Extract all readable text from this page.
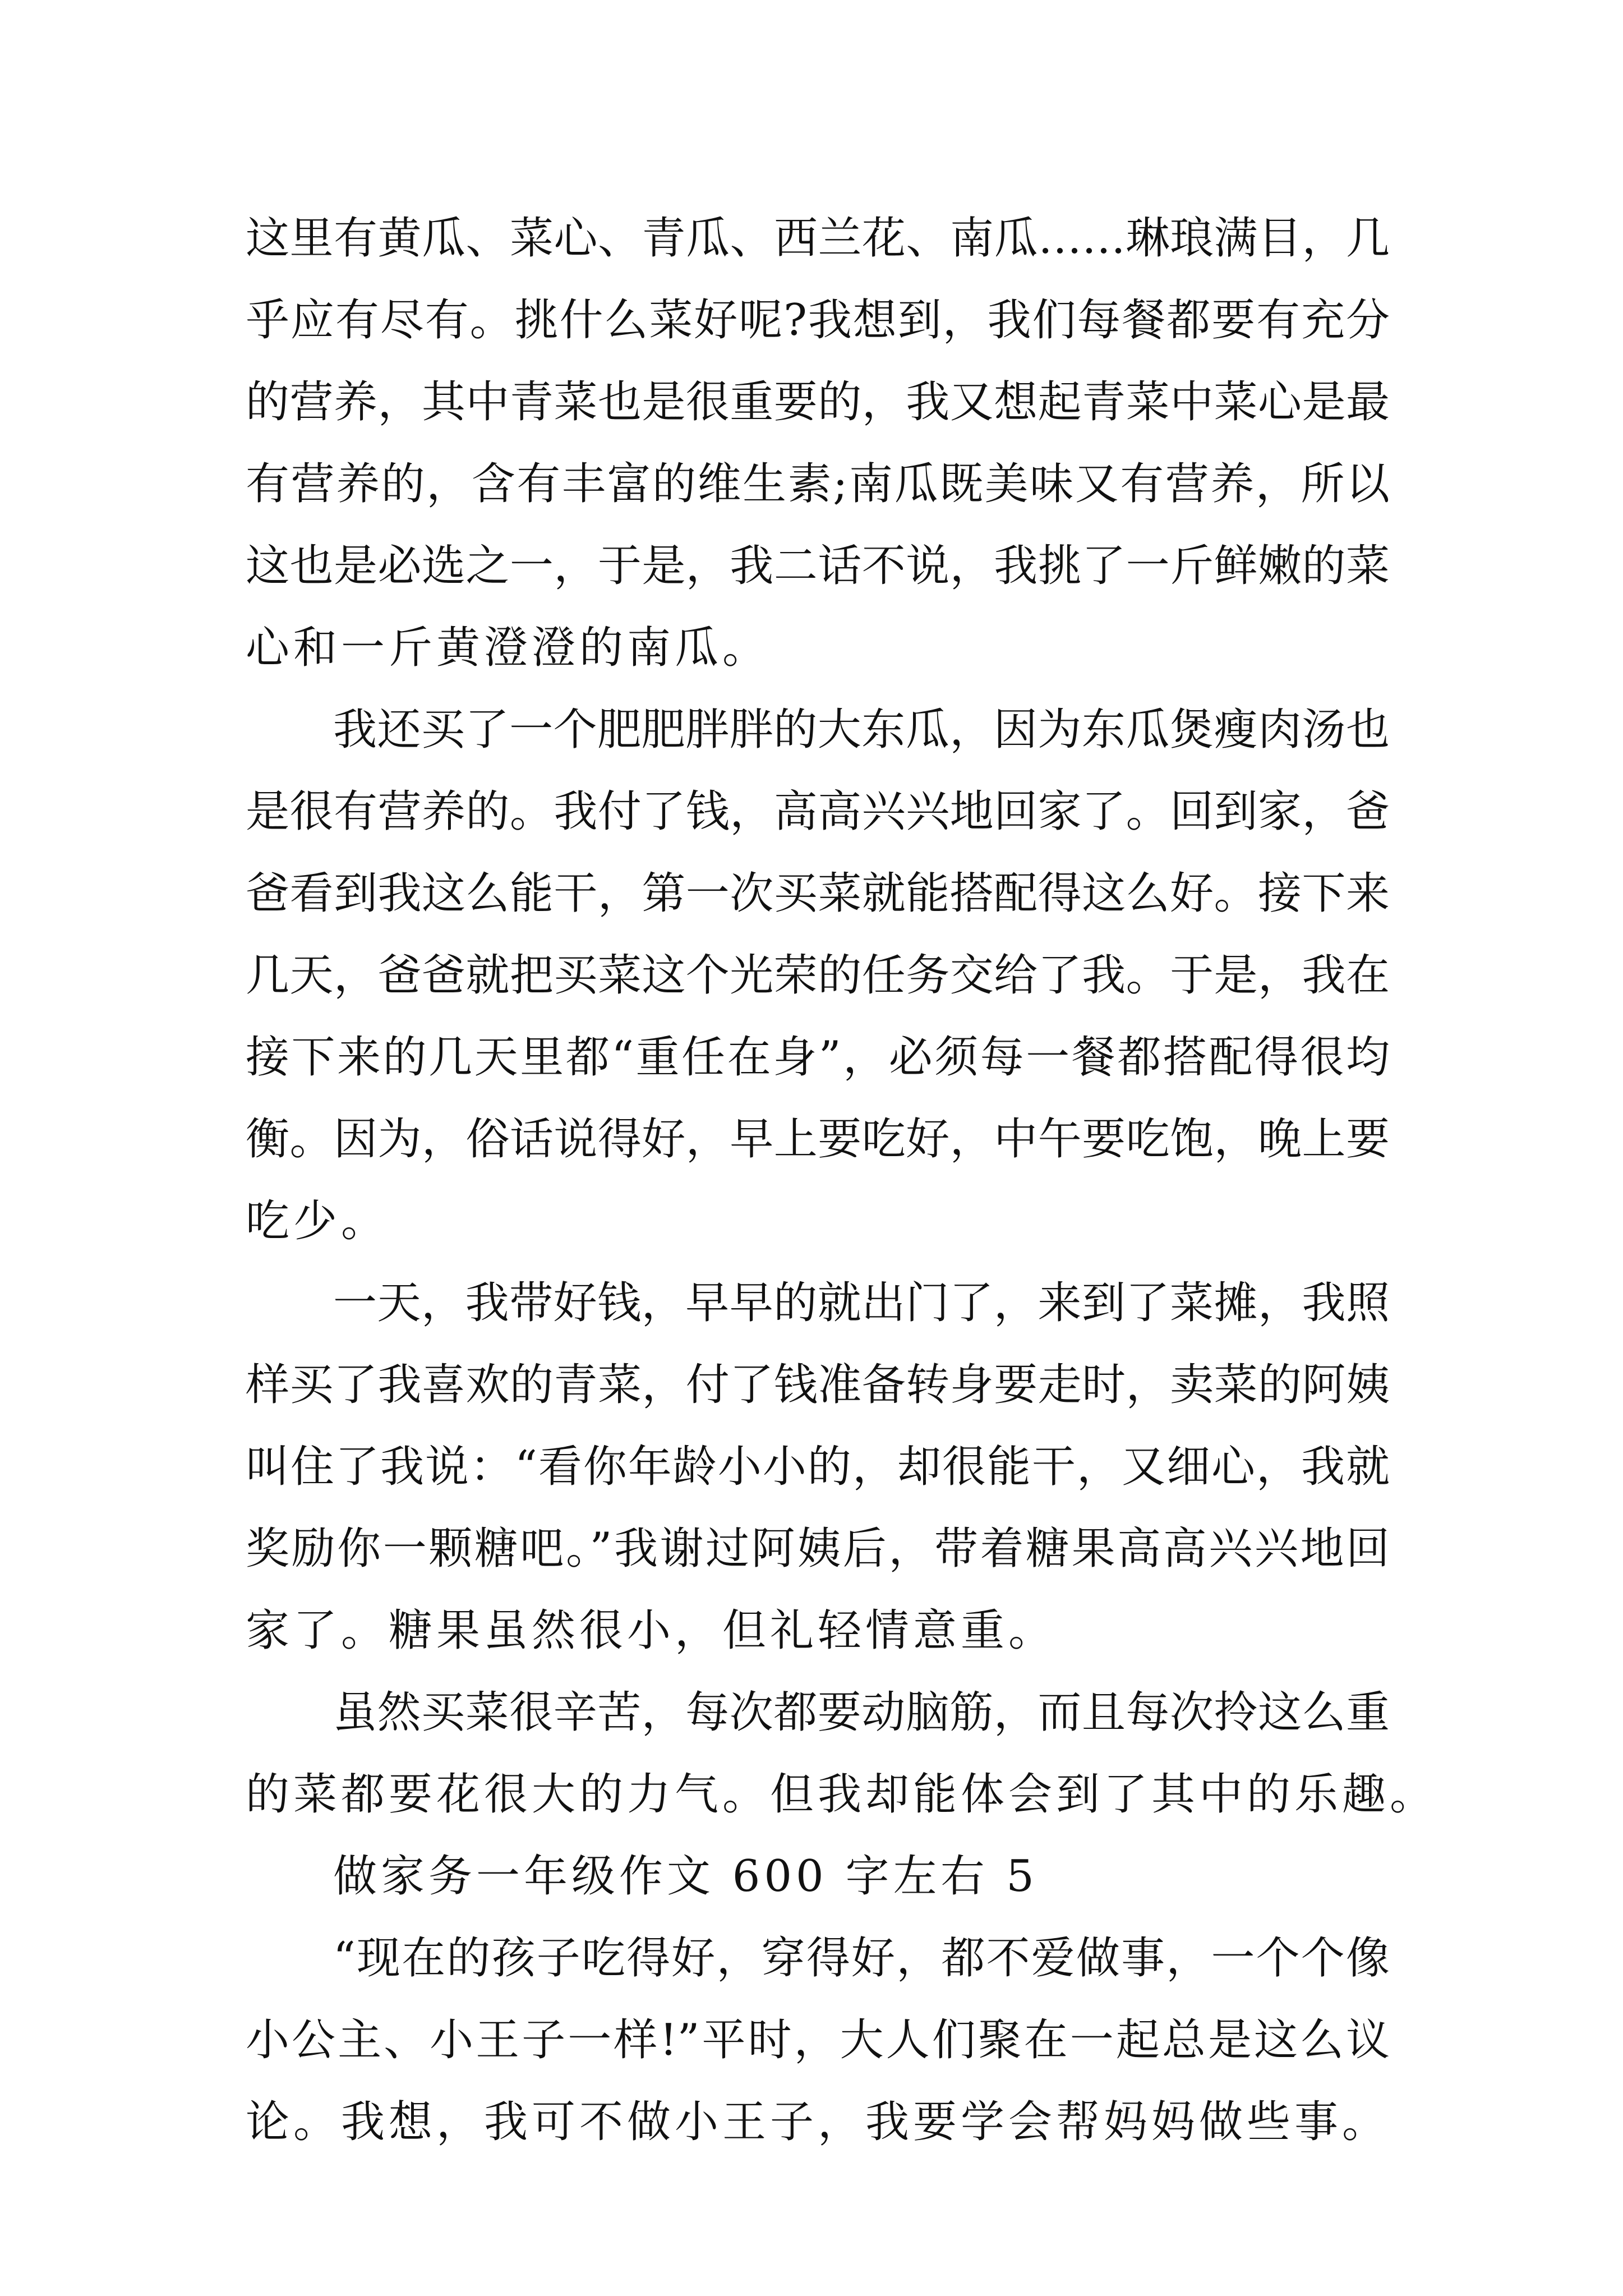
这里有黄瓜、菜心、青瓜、西兰花、南瓜……琳琅满目，几
乎应有尽有。挑什么菜好呢?我想到，我们每餐都要有充分
的营养，其中青菜也是很重要的，我又想起青菜中菜心是最
有营养的，含有丰富的维生素;南瓜既美味又有营养，所以
这也是必选之一，于是，我二话不说，我挑了一斤鲜嫩的菜
心和一斤黄澄澄的南瓜。
我还买了一个肥肥胖胖的大东瓜，因为东瓜煲瘦肉汤也
是很有营养的。我付了钱，高高兴兴地回家了。回到家，爸
爸看到我这么能干，第一次买菜就能搭配得这么好。接下来
几天，爸爸就把买菜这个光荣的任务交给了我。于是，我在
接下来的几天里都“重任在身”，必须每一餐都搭配得很均
衡。因为，俗话说得好，早上要吃好，中午要吃饱，晚上要
吃少。
一天，我带好钱，早早的就出门了，来到了菜摊，我照
样买了我喜欢的青菜，付了钱准备转身要走时，卖菜的阿姨
叫住了我说：“看你年龄小小的，却很能干，又细心，我就
奖励你一颗糖吧。”我谢过阿姨后，带着糖果高高兴兴地回
家了。糖果虽然很小，但礼轻情意重。
虽然买菜很辛苦，每次都要动脑筋，而且每次拎这么重
的菜都要花很大的力气。但我却能体会到了其中的乐趣。
做家务一年级作文 600 字左右 5
“现在的孩子吃得好，穿得好，都不爱做事，一个个像
小公主、小王子一样!”平时，大人们聚在一起总是这么议
论。我想，我可不做小王子，我要学会帮妈妈做些事。
